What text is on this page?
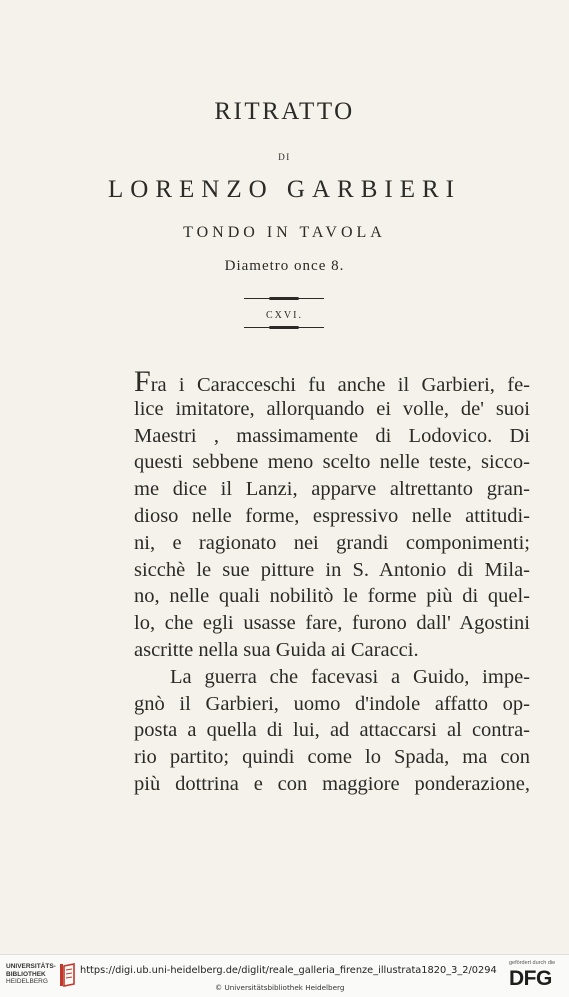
RITRATTO
DI
LORENZO GARBIERI
TONDO IN TAVOLA
Diametro once 8.
CXVI.
Fra i Caracceschi fu anche il Garbieri, fe-
lice imitatore, allorquando ei volle, de' suoi
Maestri , massimamente di Lodovico. Di
questi sebbene meno scelto nelle teste, sicco-
me dice il Lanzi, apparve altrettanto gran-
dioso nelle forme, espressivo nelle attitudi-
ni, e ragionato nei grandi componimenti;
sicchè le sue pitture in S. Antonio di Mila-
no, nelle quali nobilitò le forme più di quel-
lo, che egli usasse fare, furono dall' Agostini
ascritte nella sua Guida ai Caracci.
La guerra che facevasi a Guido, impe-
gnò il Garbieri, uomo d'indole affatto op-
posta a quella di lui, ad attaccarsi al contra-
rio partito; quindi come lo Spada, ma con
più dottrina e con maggiore ponderazione,
UNIVERSITÄTS-
BIBLIOTHEK
HEIDELBERG
https://digi.ub.uni-heidelberg.de/diglit/reale_galleria_firenze_illustrata1820_3_2/0294
© Universitätsbibliothek Heidelberg
gefördert durch die
DFG
